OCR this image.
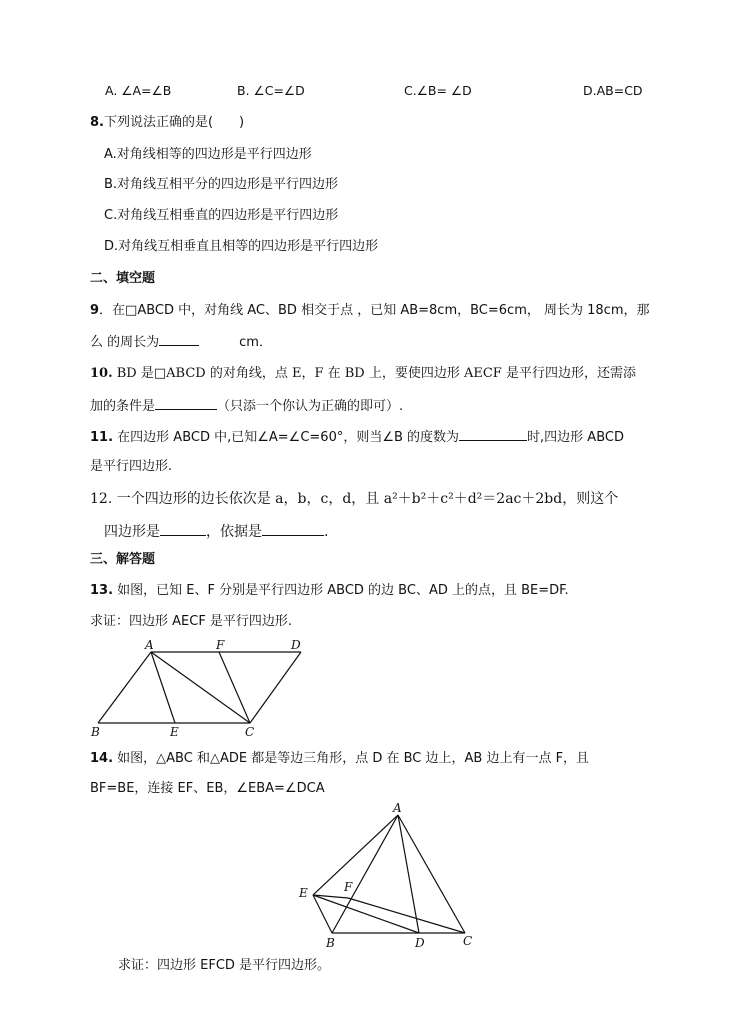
A. ∠A=∠B	B. ∠C=∠D	C.∠B= ∠D	D.AB=CD
8.下列说法正确的是(　　)
A.对角线相等的四边形是平行四边形
B.对角线互相平分的四边形是平行四边形
C.对角线互相垂直的四边形是平行四边形
D.对角线互相垂直且相等的四边形是平行四边形
二、填空题
9．在□ABCD 中，对角线 AC、BD 相交于点 ，已知 AB=8cm，BC=6cm， 周长为 18cm，那
么 的周长为	cm．
10. BD 是□ABCD 的对角线，点 E，F 在 BD 上，要使四边形 AECF 是平行四边形，还需添
加的条件是	（只添一个你认为正确的即可）.
11. 在四边形 ABCD 中,已知∠A=∠C=60°，则当∠B 的度数为	时,四边形 ABCD
是平行四边形.
12. 一个四边形的边长依次是 a，b，c，d，且 a²＋b²＋c²＋d²＝2ac＋2bd，则这个
四边形是	，依据是	.
三、解答题
13. 如图，已知 E、F 分别是平行四边形 ABCD 的边 BC、AD 上的点，且 BE=DF.
求证：四边形 AECF 是平行四边形.
A	F	D
B	E	C
14. 如图，△ABC 和△ADE 都是等边三角形，点 D 在 BC 边上，AB 边上有一点 F，且
BF=BE，连接 EF、EB，∠EBA=∠DCA
A
F
E
B	D	C
求证：四边形 EFCD 是平行四边形。
